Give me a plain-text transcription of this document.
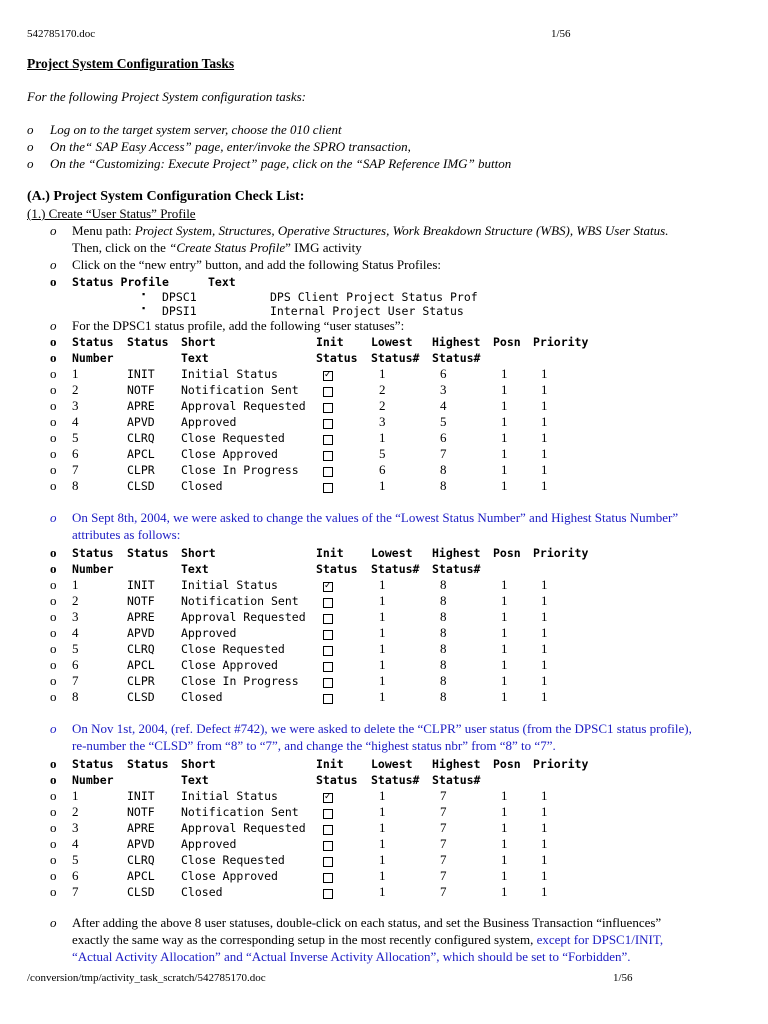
542785170.doc	1/56
Project System Configuration Tasks
For the following Project System configuration tasks:
o Log on to the target system server, choose the 010 client
o On the“ SAP Easy Access” page, enter/invoke the SPRO transaction,
o On the “Customizing: Execute Project” page, click on the “SAP Reference IMG” button
(A.) Project System Configuration Check List:
(1.) Create “User Status” Profile
o Menu path: Project System, Structures, Operative Structures, Work Breakdown Structure (WBS), WBS User Status.
Then, click on the “Create Status Profile” IMG activity
o Click on the “new entry” button, and add the following Status Profiles:
o Status Profile	Text
▪ DPSC1	DPS Client Project Status Prof
▪ DPSI1	Internal Project User Status
o For the DPSC1 status profile, add the following “user statuses”:
o Status Status Short	Init Lowest Highest Posn Priority
o Number	Text	Status Status# Status#
o 1	INIT Initial Status ✓	1	6	1	1
o 2	NOTF Notification Sent	2	3	1	1
o 3	APRE Approval Requested	2	4	1	1
o 4	APVD Approved	3	5	1	1
o 5	CLRQ Close Requested	1	6	1	1
o 6	APCL Close Approved	5	7	1	1
o 7	CLPR Close In Progress	6	8	1	1
o 8	CLSD Closed	1	8	1	1
o On Sept 8th, 2004, we were asked to change the values of the “Lowest Status Number” and Highest Status Number”
attributes as follows:
o Status Status Short	Init Lowest Highest Posn Priority
o Number	Text	Status Status# Status#
o 1	INIT Initial Status ✓	1	8	1	1
o 2	NOTF Notification Sent	1	8	1	1
o 3	APRE Approval Requested	1	8	1	1
o 4	APVD Approved	1	8	1	1
o 5	CLRQ Close Requested	1	8	1	1
o 6	APCL Close Approved	1	8	1	1
o 7	CLPR Close In Progress	1	8	1	1
o 8	CLSD Closed	1	8	1	1
o On Nov 1st, 2004, (ref. Defect #742), we were asked to delete the “CLPR” user status (from the DPSC1 status profile),
re-number the “CLSD” from “8” to “7”, and change the “highest status nbr” from “8” to “7”.
o Status Status Short	Init Lowest Highest Posn Priority
o Number	Text	Status Status# Status#
o 1	INIT Initial Status ✓	1	7	1	1
o 2	NOTF Notification Sent	1	7	1	1
o 3	APRE Approval Requested	1	7	1	1
o 4	APVD Approved	1	7	1	1
o 5	CLRQ Close Requested	1	7	1	1
o 6	APCL Close Approved	1	7	1	1
o 7	CLSD Closed	1	7	1	1
o After adding the above 8 user statuses, double-click on each status, and set the Business Transaction “influences”
exactly the same way as the corresponding setup in the most recently configured system, except for DPSC1/INIT,
“Actual Activity Allocation” and “Actual Inverse Activity Allocation”, which should be set to “Forbidden”.
/conversion/tmp/activity_task_scratch/542785170.doc	1/56
